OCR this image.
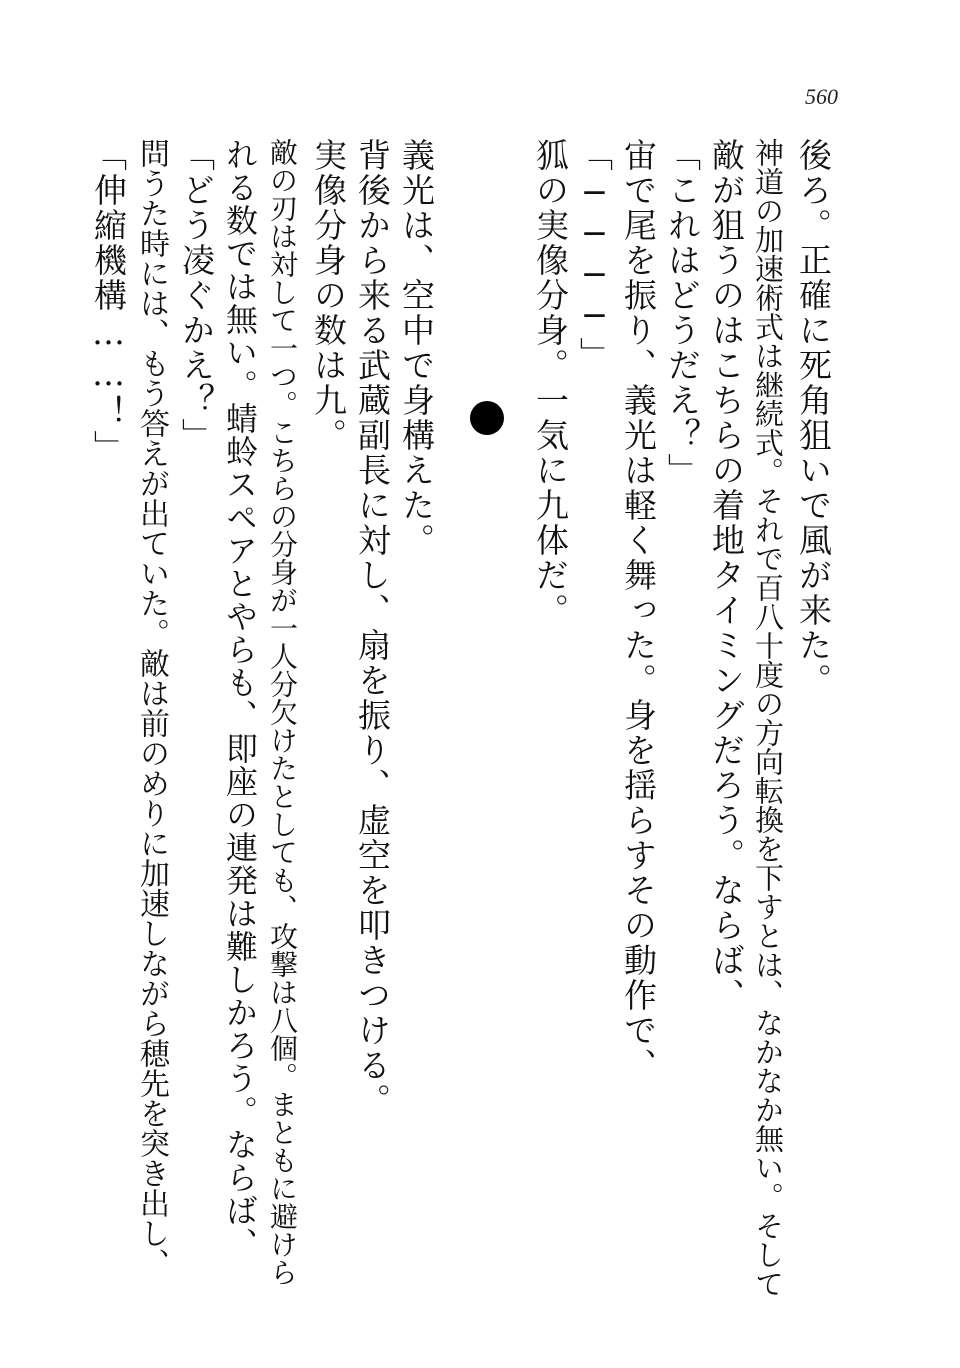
560
後ろ。正確に死角狙いで風が来た。
神道の加速術式は継続式。それで百八十度の方向転換を下すとは、なかなか無い。そして
敵が狙うのはこちらの着地タイミングだろう。ならば、
「これはどうだえ？」
宙で尾を振り、義光は軽く舞った。身を揺らすその動作で、
「────」
狐の実像分身。一気に九体だ。
義光は、空中で身構えた。
背後から来る武蔵副長に対し、扇を振り、虚空を叩きつける。
実像分身の数は九。
敵の刃は対して一つ。こちらの分身が一人分欠けたとしても、攻撃は八個。まともに避けら
れる数では無い。蜻蛉スペアとやらも、即座の連発は難しかろう。ならば、
「どう凌ぐかえ？」
問うた時には、もう答えが出ていた。敵は前のめりに加速しながら穂先を突き出し、
「伸縮機構……！」
